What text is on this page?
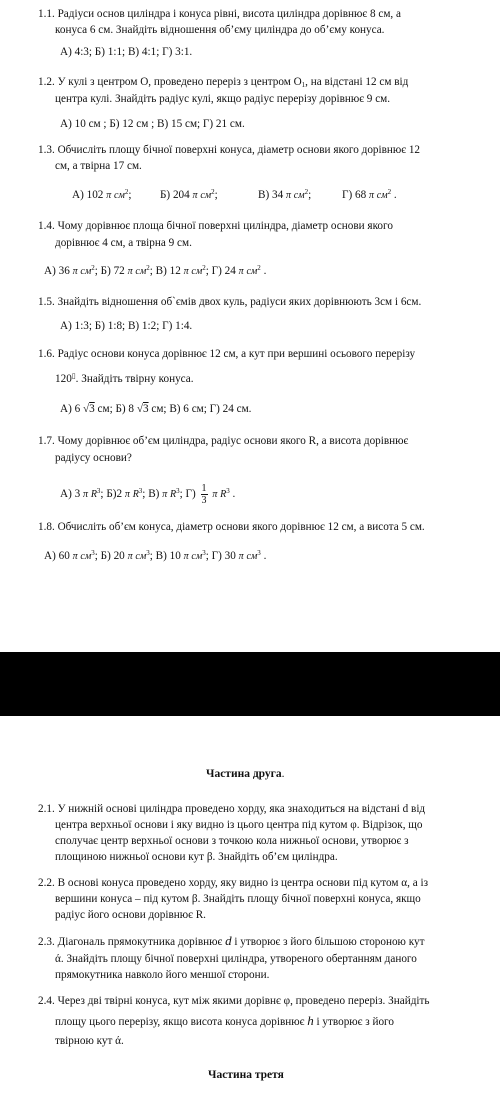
1.1. Радіуси основ циліндра і конуса рівні, висота циліндра дорівнює 8 см, а
конуса 6 см. Знайдіть відношення об’єму циліндра до об’єму конуса.
А) 4:3; Б) 1:1; В) 4:1; Г) 3:1.
1.2. У кулі з центром О, проведено переріз з центром $О_1$, на відстані 12 см від
центра кулі. Знайдіть радіус кулі, якщо радіус перерізу дорівнює 9 см.
А) 10 см ; Б) 12 см ; В) 15 см; Г) 21 см.
1.3. Обчисліть площу бічної поверхні конуса, діаметр основи якого дорівнює 12
см, а твірна 17 см.
А) 102 π $см^2$;	Б) 204 π $см^2$;	В) 34 π $см^2$;	Г) 68 π $см^2$ .
1.4. Чому дорівнює площа бічної поверхні циліндра, діаметр основи якого
дорівнює 4 см, а твірна 9 см.
А) 36 π $см^2$; Б) 72 π $см^2$; В) 12 π $см^2$; Г) 24 π $см^2$ .
1.5. Знайдіть відношення об`ємів двох куль, радіуси яких дорівнюють 3см і 6см.
А) 1:3; Б) 1:8; В) 1:2; Г) 1:4.
1.6. Радіус основи конуса дорівнює 12 см, а кут при вершині осьового перерізу
120▯. Знайдіть твірну конуса.
А) 6 √3 см; Б) 8 √3 см; В) 6 см; Г) 24 см.
1.7. Чому дорівнює об’єм циліндра, радіус основи якого R, а висота дорівнює
радіусу основи?
А) 3 π $R^3$; Б)2 π $R^3$; В) π $R^3$; $Г) \frac{1}{3}$ π $R^3$ .
1.8. Обчисліть об’єм конуса, діаметр основи якого дорівнює 12 см, а висота 5 см.
А) 60 π $см^3$; Б) 20 π $см^3$; В) 10 π $см^3$; Г) 30 π $см^3$ .
Частина друга.
2.1. У нижній основі циліндра проведено хорду, яка знаходиться на відстані d від
центра верхньої основи і яку видно із цього центра під кутом φ. Відрізок, що
сполучає центр верхньої основи з точкою кола нижньої основи, утворює з
площиною нижньої основи кут β. Знайдіть об’єм циліндра.
2.2. В основі конуса проведено хорду, яку видно із центра основи під кутом α, а із
вершини конуса – під кутом β. Знайдіть площу бічної поверхні конуса, якщо
радіус його основи дорівнює R.
2.3. Діагональ прямокутника дорівнює d і утворює з його більшою стороною кут
ά. Знайдіть площу бічної поверхні циліндра, утвореного обертанням даного
прямокутника навколо його меншої сторони.
2.4. Через дві твірні конуса, кут між якими дорівнє φ, проведено переріз. Знайдіть
площу цього перерізу, якщо висота конуса дорівнює h і утворює з його
твірною кут ά.
Частина третя
